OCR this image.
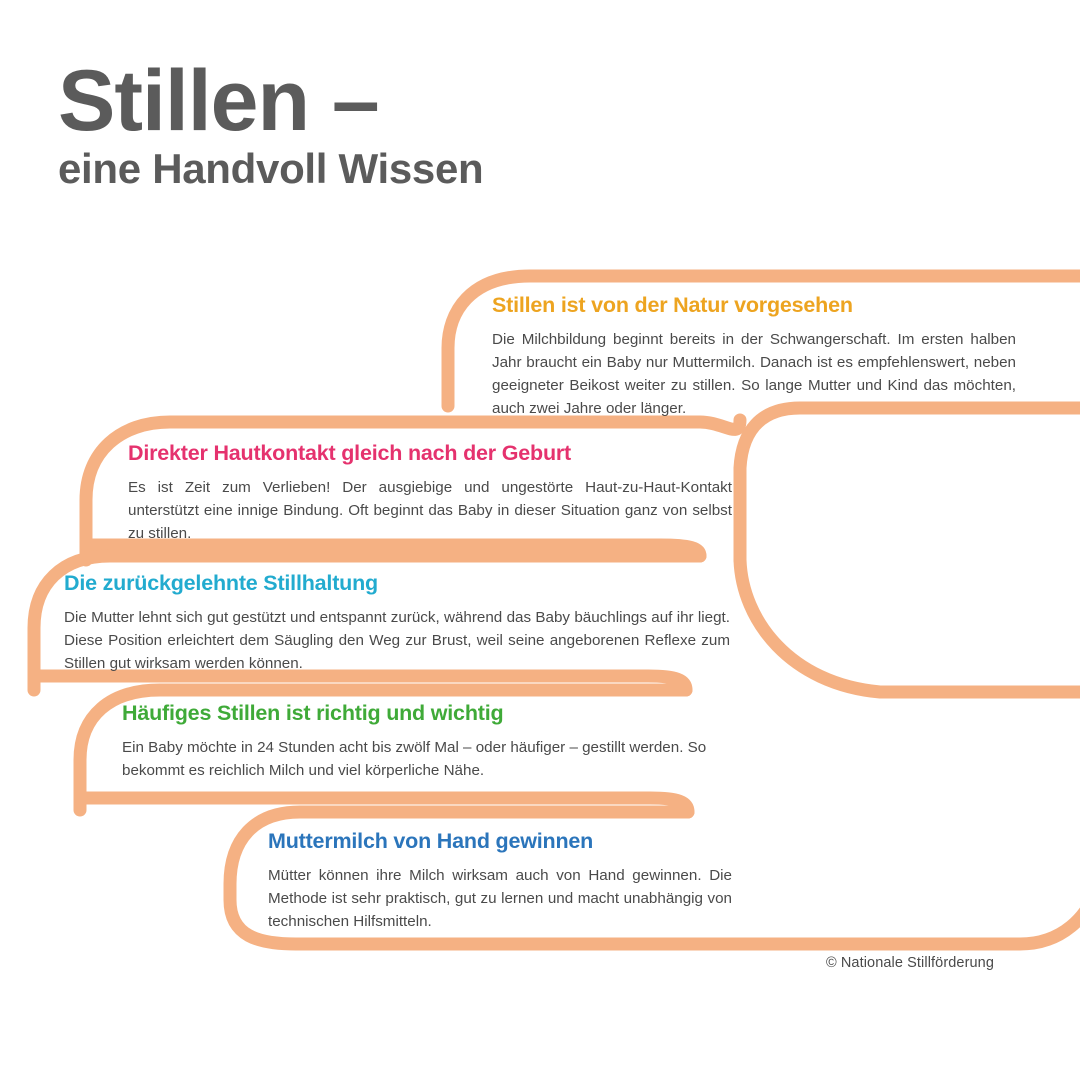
Stillen –
eine Handvoll Wissen
Stillen ist von der Natur vorgesehen

Die Milchbildung beginnt bereits in der Schwangerschaft. Im ersten halben Jahr braucht ein Baby nur Muttermilch. Danach ist es empfehlenswert, neben geeigneter Beikost weiter zu stillen. So lange Mutter und Kind das möchten, auch zwei Jahre oder länger.

Direkter Hautkontakt gleich nach der Geburt

Es ist Zeit zum Verlieben! Der ausgiebige und ungestörte Haut-zu-Haut-Kontakt unterstützt eine innige Bindung. Oft beginnt das Baby in dieser Situation ganz von selbst zu stillen.

Die zurückgelehnte Stillhaltung

Die Mutter lehnt sich gut gestützt und entspannt zurück, während das Baby bäuchlings auf ihr liegt. Diese Position erleichtert dem Säugling den Weg zur Brust, weil seine angeborenen Reflexe zum Stillen gut wirksam werden können.

Häufiges Stillen ist richtig und wichtig

Ein Baby möchte in 24 Stunden acht bis zwölf Mal – oder häufiger – gestillt werden. So bekommt es reichlich Milch und viel körperliche Nähe.

Muttermilch von Hand gewinnen

Mütter können ihre Milch wirksam auch von Hand gewinnen. Die Methode ist sehr praktisch, gut zu lernen und macht unabhängig von technischen Hilfsmitteln.

© Nationale Stillförderung
